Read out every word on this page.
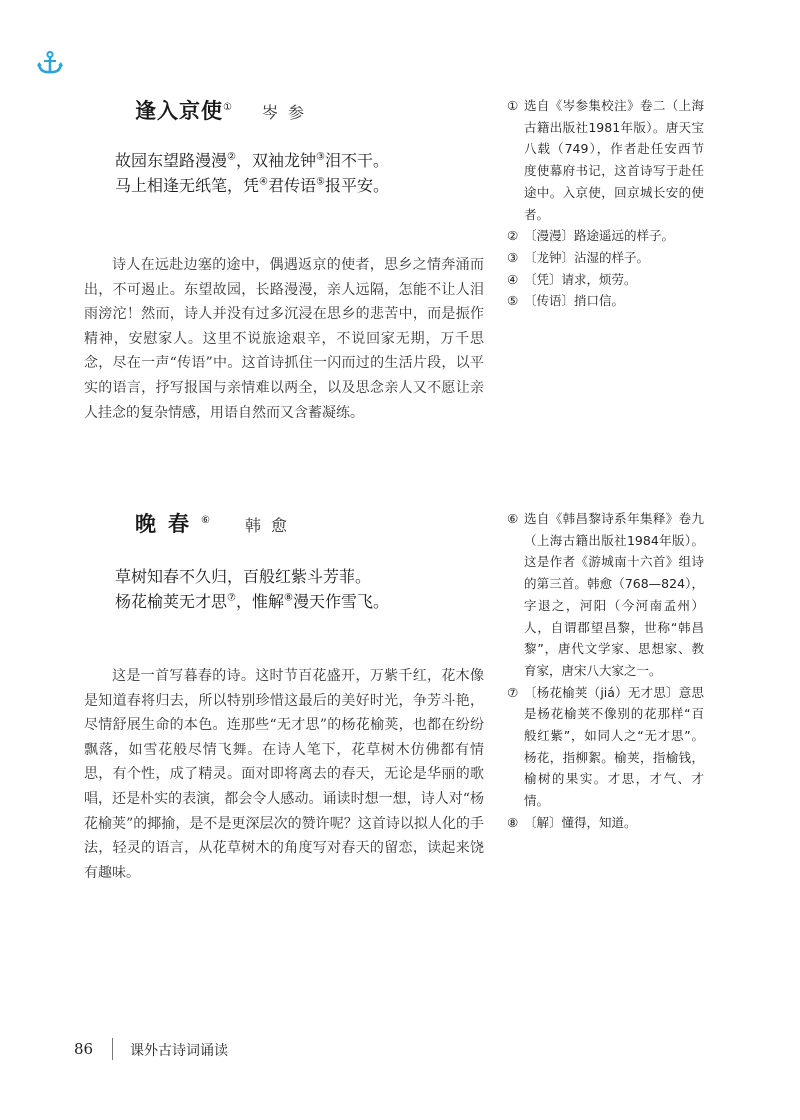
逢入京使① 岑参

故园东望路漫漫②，双袖龙钟③泪不干。

马上相逢无纸笔，凭④君传语⑤报平安。

诗人在远赴边塞的途中，偶遇返京的使者，思乡之情奔涌而出，不可遏止。东望故园，长路漫漫，亲人远隔，怎能不让人泪雨滂沱！然而，诗人并没有过多沉浸在思乡的悲苦中，而是振作精神，安慰家人。这里不说旅途艰辛，不说回家无期，万千思念，尽在一声“传语”中。这首诗抓住一闪而过的生活片段，以平实的语言，抒写报国与亲情难以两全，以及思念亲人又不愿让亲人挂念的复杂情感，用语自然而又含蓄凝练。

① 选自《岑参集校注》卷二（上海古籍出版社1981年版）。唐天宝八载（749），作者赴任安西节度使幕府书记，这首诗写于赴任途中。入京使，回京城长安的使者。
② 〔漫漫〕路途遥远的样子。
③ 〔龙钟〕沾湿的样子。
④ 〔凭〕请求，烦劳。
⑤ 〔传语〕捎口信。
晚春⑥ 韩愈

草树知春不久归，百般红紫斗芳菲。

杨花榆荚无才思⑦，惟解⑧漫天作雪飞。

这是一首写暮春的诗。这时节百花盛开，万紫千红，花木像是知道春将归去，所以特别珍惜这最后的美好时光，争芳斗艳，尽情舒展生命的本色。连那些“无才思”的杨花榆荚，也都在纷纷飘落，如雪花般尽情飞舞。在诗人笔下，花草树木仿佛都有情思，有个性，成了精灵。面对即将离去的春天，无论是华丽的歌唱，还是朴实的表演，都会令人感动。诵读时想一想，诗人对“杨花榆荚”的揶揄，是不是更深层次的赞许呢？这首诗以拟人化的手法，轻灵的语言，从花草树木的角度写对春天的留恋，读起来饶有趣味。

⑥ 选自《韩昌黎诗系年集释》卷九（上海古籍出版社1984年版）。这是作者《游城南十六首》组诗的第三首。韩愈（768—824），字退之，河阳（今河南孟州）人，自谓郡望昌黎，世称“韩昌黎”，唐代文学家、思想家、教育家，唐宋八大家之一。
⑦ 〔杨花榆荚（jiá）无才思〕意思是杨花榆荚不像别的花那样“百般红紫”，如同人之“无才思”。杨花，指柳絮。榆荚，指榆钱，榆树的果实。才思，才气、才情。
⑧ 〔解〕懂得，知道。
86	课外古诗词诵读
